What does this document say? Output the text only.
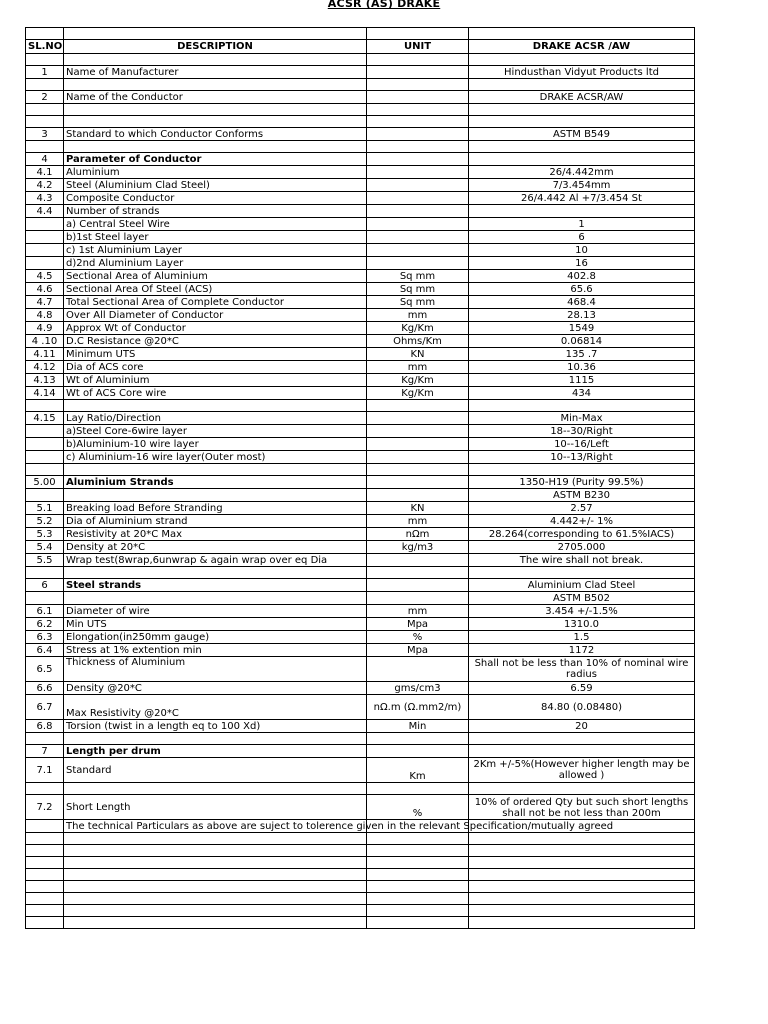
ACSR (AS) DRAKE

SL.NO	DESCRIPTION	UNIT	DRAKE ACSR /AW

1	Name of Manufacturer		Hindusthan Vidyut Products ltd

2	Name of the Conductor		DRAKE ACSR/AW

3	Standard to which Conductor Conforms		ASTM B549

4	Parameter of Conductor		
4.1	Aluminium		26/4.442mm
4.2	Steel (Aluminium Clad Steel)		7/3.454mm
4.3	Composite Conductor		26/4.442 Al +7/3.454 St
4.4	Number of strands		
	a) Central Steel Wire		1
	b)1st Steel layer		6
	c) 1st Aluminium Layer		10
	d)2nd Aluminium Layer		16
4.5	Sectional Area of Aluminium	Sq mm	402.8
4.6	Sectional Area Of Steel (ACS)	Sq mm	65.6
4.7	Total Sectional Area of Complete Conductor	Sq mm	468.4
4.8	Over All Diameter of Conductor	mm	28.13
4.9	Approx Wt of Conductor	Kg/Km	1549
4 .10	D.C Resistance @20*C	Ohms/Km	0.06814
4.11	Minimum UTS	KN	135 .7
4.12	Dia of ACS core	mm	10.36
4.13	Wt of Aluminium	Kg/Km	1115
4.14	Wt of ACS Core wire	Kg/Km	434

4.15	Lay Ratio/Direction		Min-Max
	a)Steel Core-6wire layer		18--30/Right
	b)Aluminium-10 wire layer		10--16/Left
	c) Aluminium-16 wire layer(Outer most)		10--13/Right

5.00	Aluminium Strands		1350-H19 (Purity 99.5%)
			ASTM B230
5.1	Breaking load Before Stranding	KN	2.57
5.2	Dia of Aluminium strand	mm	4.442+/- 1%
5.3	Resistivity at 20*C Max	nΩm	28.264(corresponding to 61.5%IACS)
5.4	Density at 20*C	kg/m3	2705.000
5.5	Wrap test(8wrap,6unwrap & again wrap over eq Dia		The wire shall not break.

6	Steel strands		Aluminium Clad Steel
			ASTM B502
6.1	Diameter of wire	mm	3.454 +/-1.5%
6.2	Min UTS	Mpa	1310.0
6.3	Elongation(in250mm gauge)	%	1.5
6.4	Stress at 1% extention min	Mpa	1172
6.5	Thickness of Aluminium		Shall not be less than 10% of nominal wire radius
6.6	Density @20*C	gms/cm3	6.59
6.7	Max Resistivity @20*C	nΩ.m (Ω.mm2/m)	84.80 (0.08480)
6.8	Torsion (twist in a length eq to 100 Xd)	Min	20

7	Length per drum		
7.1	Standard	Km	2Km +/-5%(However higher length may be allowed )

7.2	Short Length	%	10% of ordered Qty but such short lengths shall not be not less than 200m
	The technical Particulars as above are suject to tolerence given in the relevant Specification/mutually agreed		
